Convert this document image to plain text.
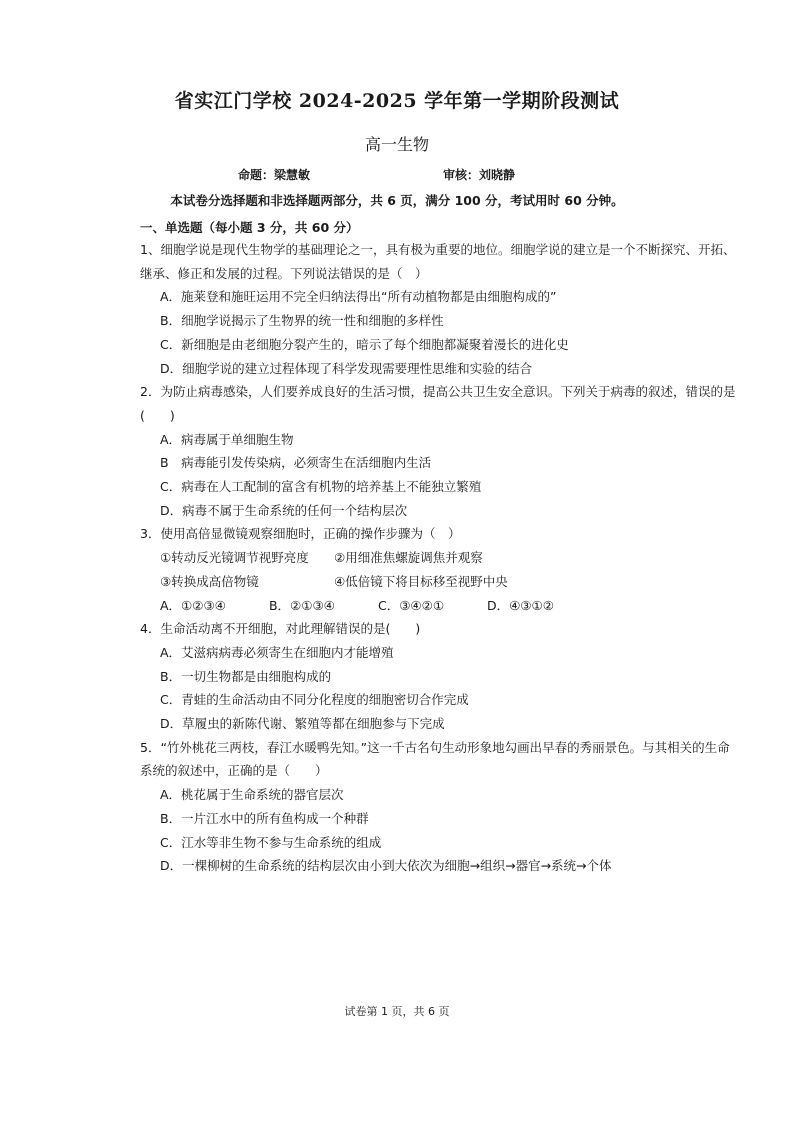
省实江门学校 2024-2025 学年第一学期阶段测试
高一生物
命题：梁慧敏	审核：刘晓静
本试卷分选择题和非选择题两部分，共 6 页，满分 100 分，考试用时 60 分钟。
一、单选题（每小题 3 分，共 60 分）
1、细胞学说是现代生物学的基础理论之一，具有极为重要的地位。细胞学说的建立是一个不断探究、开拓、继承、修正和发展的过程。下列说法错误的是（　）
A．施莱登和施旺运用不完全归纳法得出“所有动植物都是由细胞构成的”
B．细胞学说揭示了生物界的统一性和细胞的多样性
C．新细胞是由老细胞分裂产生的，暗示了每个细胞都凝聚着漫长的进化史
D．细胞学说的建立过程体现了科学发现需要理性思维和实验的结合
2．为防止病毒感染，人们要养成良好的生活习惯，提高公共卫生安全意识。下列关于病毒的叙述，错误的是(　　)
A．病毒属于单细胞生物
B　病毒能引发传染病，必须寄生在活细胞内生活
C．病毒在人工配制的富含有机物的培养基上不能独立繁殖
D．病毒不属于生命系统的任何一个结构层次
3．使用高倍显微镜观察细胞时，正确的操作步骤为（　）
①转动反光镜调节视野亮度 ②用细准焦螺旋调焦并观察
③转换成高倍物镜	④低倍镜下将目标移至视野中央
A．①②③④	B．②①③④	C．③④②①	D．④③①②
4．生命活动离不开细胞，对此理解错误的是(　　)
A．艾滋病病毒必须寄生在细胞内才能增殖
B．一切生物都是由细胞构成的
C．青蛙的生命活动由不同分化程度的细胞密切合作完成
D．草履虫的新陈代谢、繁殖等都在细胞参与下完成
5．“竹外桃花三两枝，春江水暖鸭先知。”这一千古名句生动形象地勾画出早春的秀丽景色。与其相关的生命系统的叙述中，正确的是（　　）
A．桃花属于生命系统的器官层次
B．一片江水中的所有鱼构成一个种群
C．江水等非生物不参与生命系统的组成
D．一棵柳树的生命系统的结构层次由小到大依次为细胞→组织→器官→系统→个体
试卷第 1 页，共 6 页
